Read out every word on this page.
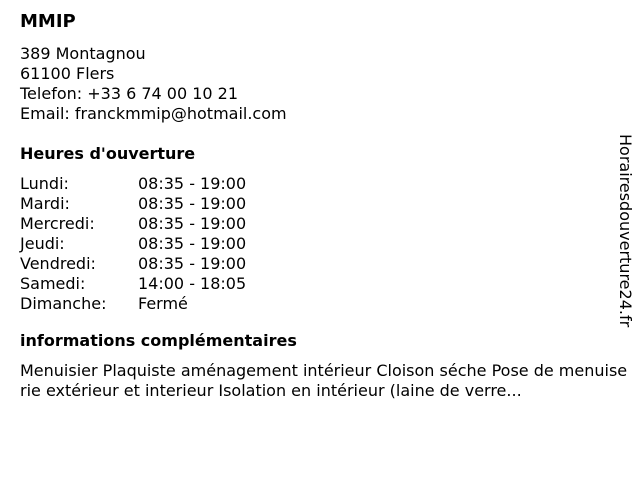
MMIP
389 Montagnou
61100 Flers
Telefon: +33 6 74 00 10 21
Email: franckmmip@hotmail.com
Heures d'ouverture
Lundi:	08:35 - 19:00
Mardi:	08:35 - 19:00
Mercredi:	08:35 - 19:00
Jeudi:	08:35 - 19:00
Vendredi:	08:35 - 19:00
Samedi:	14:00 - 18:05
Dimanche:	Fermé
informations complémentaires
Menuisier Plaquiste aménagement intérieur Cloison séche Pose de menuiserie extérieur et interieur Isolation en intérieur (laine de verre...
Horairesdouverture24.fr
